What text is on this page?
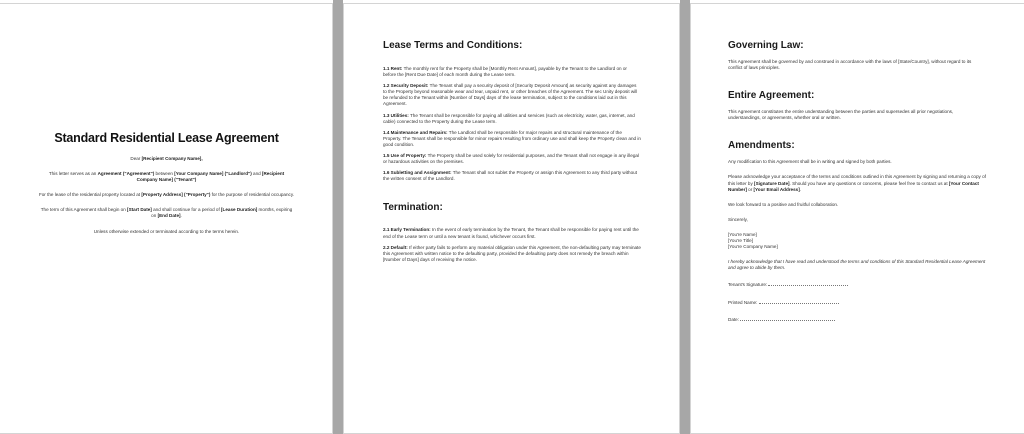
Standard Residential Lease Agreement

Dear [Recipient Company Name],

This letter serves as an Agreement ("Agreement") between [Your Company Name] ("Landlord") and [Recipient Company Name] ("Tenant")

For the lease of the residential property located at [Property Address] ("Property") for the purpose of residential occupancy.

The term of this Agreement shall begin on [Start Date] and shall continue for a period of [Lease Duration] months, expiring on [End Date].

Unless otherwise extended or terminated according to the terms herein.

Lease Terms and Conditions:

1.1 Rent: The monthly rent for the Property shall be [Monthly Rent Amount], payable by the Tenant to the Landlord on or before the [Rent Due Date] of each month during the Lease term.

1.2 Security Deposit: The Tenant shall pay a security deposit of [Security Deposit Amount] as security against any damages to the Property beyond reasonable wear and tear, unpaid rent, or other breaches of the Agreement. The sec Unity deposit will be refunded to the Tenant within [Number of Days] days of the lease termination, subject to the conditions laid out in this Agreement.

1.3 Utilities: The Tenant shall be responsible for paying all utilities and services (such as electricity, water, gas, internet, and cable) connected to the Property during the Lease term.

1.4 Maintenance and Repairs: The Landlord shall be responsible for major repairs and structural maintenance of the Property. The Tenant shall be responsible for minor repairs resulting from ordinary use and shall keep the Property clean and in good condition.

1.5 Use of Property: The Property shall be used solely for residential purposes, and the Tenant shall not engage in any illegal or hazardous activities on the premises.

1.6 Subletting and Assignment: The Tenant shall not sublet the Property or assign this Agreement to any third party without the written consent of the Landlord.

Termination:

2.1 Early Termination: In the event of early termination by the Tenant, the Tenant shall be responsible for paying rent until the end of the Lease term or until a new tenant is found, whichever occurs first.

2.2 Default: If either party fails to perform any material obligation under this Agreement, the non-defaulting party may terminate this Agreement with written notice to the defaulting party, provided the defaulting party does not remedy the breach within [Number of Days] days of receiving the notice.

Governing Law:

This Agreement shall be governed by and construed in accordance with the laws of [State/Country], without regard to its conflict of laws principles.

Entire Agreement:

This Agreement constitutes the entire understanding between the parties and supersedes all prior negotiations, understandings, or agreements, whether oral or written.

Amendments:

Any modification to this Agreement shall be in writing and signed by both parties.

Please acknowledge your acceptance of the terms and conditions outlined in this Agreement by signing and returning a copy of this letter by [Signature Date]. Should you have any questions or concerns, please feel free to contact us at [Your Contact Number] or [Your Email Address].

We look forward to a positive and fruitful collaboration.

Sincerely,

[You're Name]

[You're Title]

[You're Company Name]

I hereby acknowledge that I have read and understood the terms and conditions of this Standard Residential Lease Agreement and agree to abide by them.

Tenant's Signature:

Printed Name:

Date:
